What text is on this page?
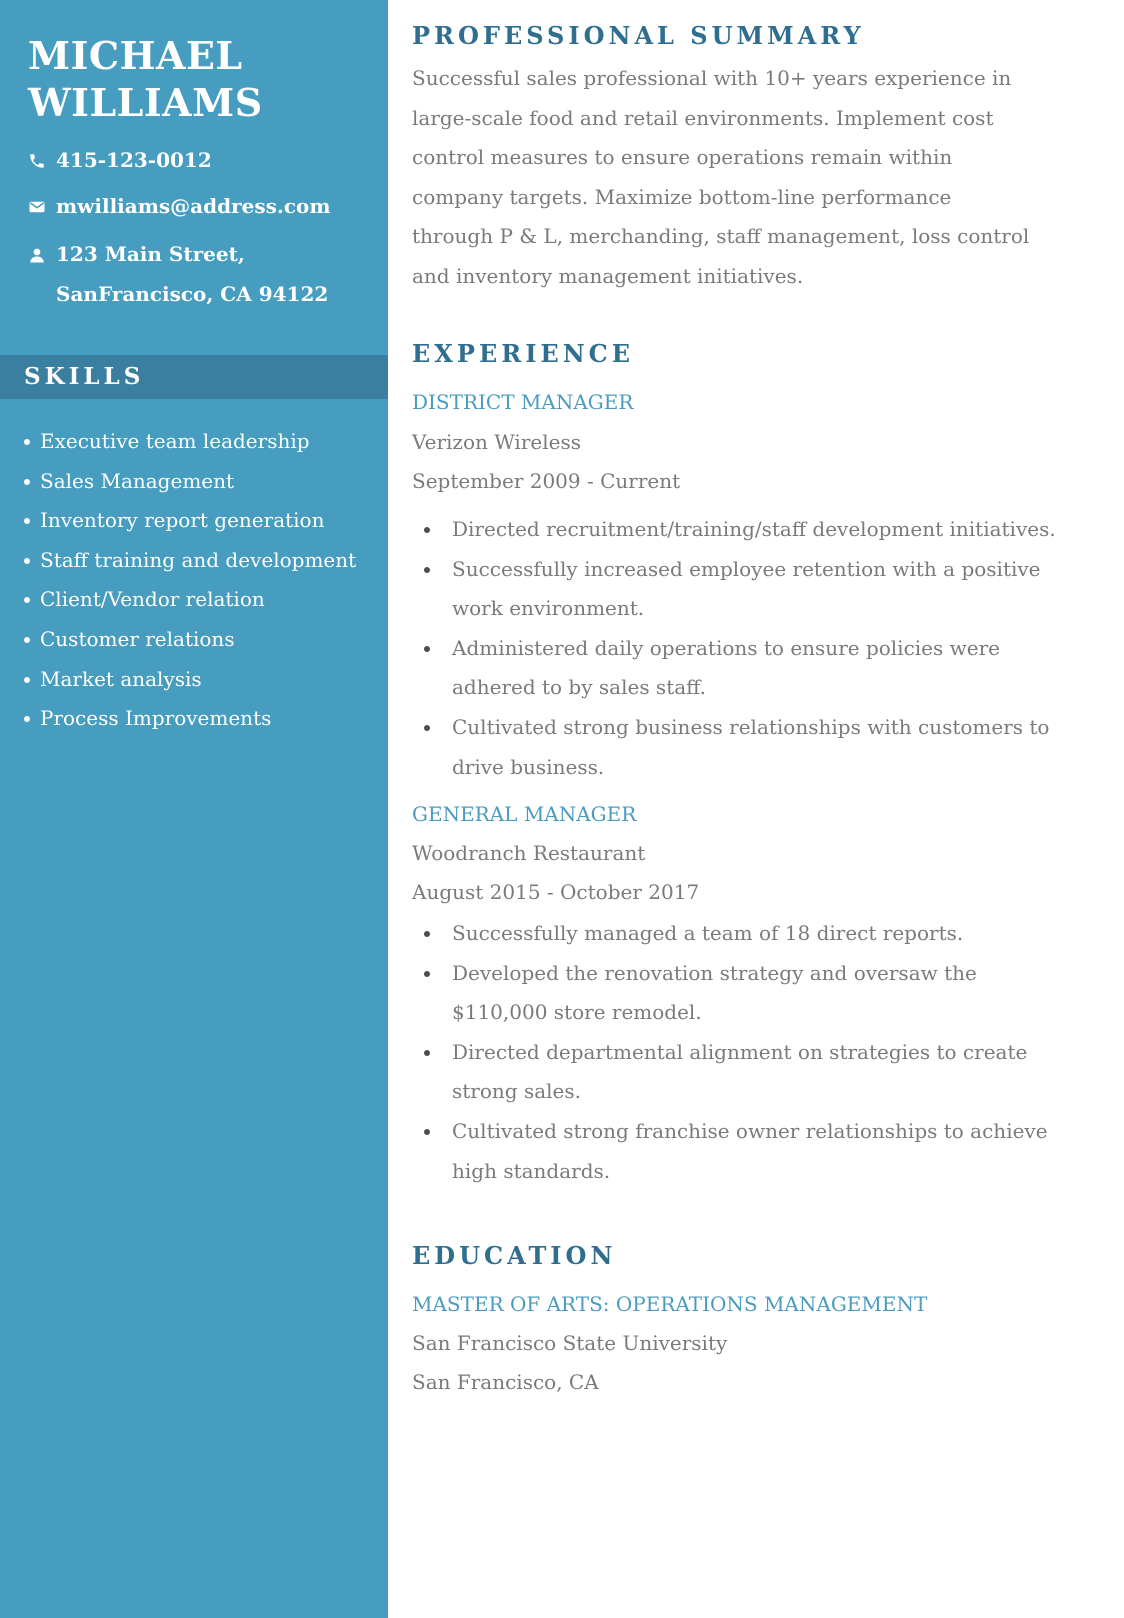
MICHAEL
WILLIAMS
415-123-0012
mwilliams@address.com
123 Main Street,
SanFrancisco, CA 94122
SKILLS
Executive team leadership
Sales Management
Inventory report generation
Staff training and development
Client/Vendor relation
Customer relations
Market analysis
Process Improvements
PROFESSIONAL SUMMARY

Successful sales professional with 10+ years experience in
large-scale food and retail environments. Implement cost
control measures to ensure operations remain within
company targets. Maximize bottom-line performance
through P & L, merchanding, staff management, loss control
and inventory management initiatives.

EXPERIENCE
DISTRICT MANAGER

Verizon Wireless

September 2009 - Current

Directed recruitment/training/staff development initiatives.
Successfully increased employee retention with a positive
work environment.
Administered daily operations to ensure policies were
adhered to by sales staff.
Cultivated strong business relationships with customers to
drive business.
GENERAL MANAGER

Woodranch Restaurant

August 2015 - October 2017

Successfully managed a team of 18 direct reports.
Developed the renovation strategy and oversaw the
$110,000 store remodel.
Directed departmental alignment on strategies to create
strong sales.
Cultivated strong franchise owner relationships to achieve
high standards.
EDUCATION
MASTER OF ARTS: OPERATIONS MANAGEMENT

San Francisco State University

San Francisco, CA
